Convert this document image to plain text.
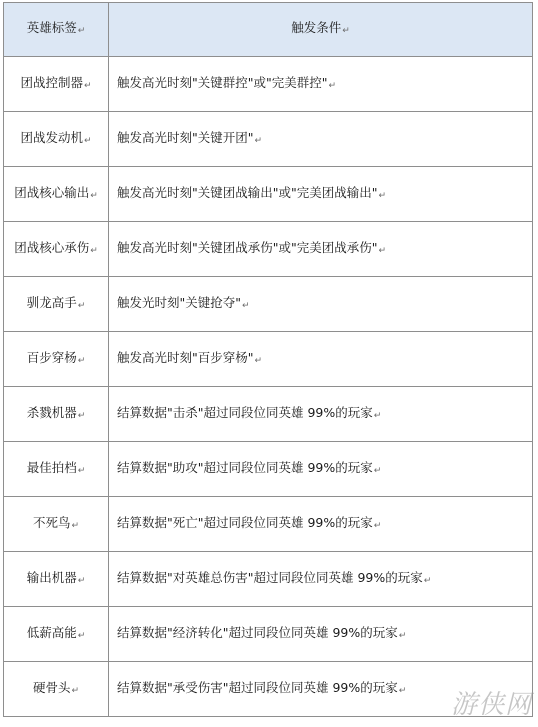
英雄标签↵	触发条件↵
团战控制器↵	触发高光时刻"关键群控"或"完美群控"↵
团战发动机↵	触发高光时刻"关键开团"↵
团战核心输出↵	触发高光时刻"关键团战输出"或"完美团战输出"↵
团战核心承伤↵	触发高光时刻"关键团战承伤"或"完美团战承伤"↵
驯龙高手↵	触发光时刻"关键抢夺"↵
百步穿杨↵	触发高光时刻"百步穿杨"↵
杀戮机器↵	结算数据"击杀"超过同段位同英雄 99%的玩家↵
最佳拍档↵	结算数据"助攻"超过同段位同英雄 99%的玩家↵
不死鸟↵	结算数据"死亡"超过同段位同英雄 99%的玩家↵
输出机器↵	结算数据"对英雄总伤害"超过同段位同英雄 99%的玩家↵
低薪高能↵	结算数据"经济转化"超过同段位同英雄 99%的玩家↵
硬骨头↵	结算数据"承受伤害"超过同段位同英雄 99%的玩家↵ 游侠网
